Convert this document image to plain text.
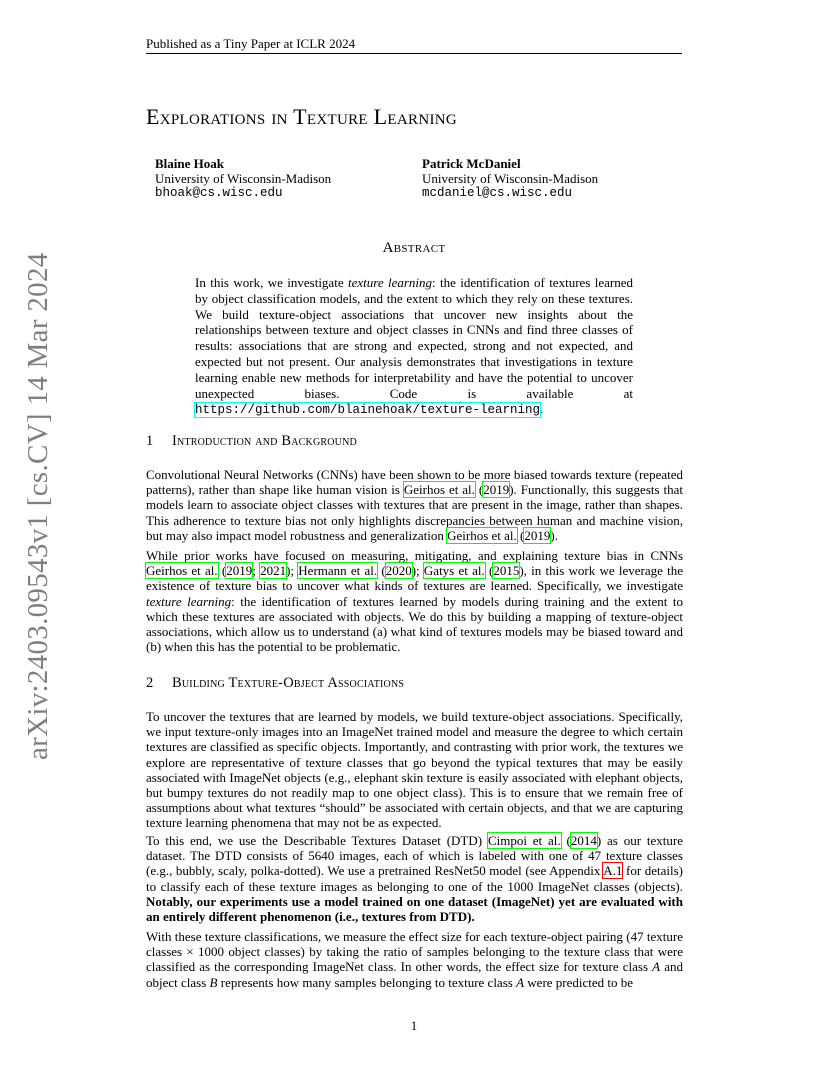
Published as a Tiny Paper at ICLR 2024
arXiv:2403.09543v1 [cs.CV] 14 Mar 2024
Explorations in Texture Learning
Blaine Hoak
University of Wisconsin-Madison
bhoak@cs.wisc.edu
Patrick McDaniel
University of Wisconsin-Madison
mcdaniel@cs.wisc.edu
Abstract
In this work, we investigate texture learning: the identification of textures learned by object classification models, and the extent to which they rely on these textures. We build texture-object associations that uncover new insights about the relationships between texture and object classes in CNNs and find three classes of results: associations that are strong and expected, strong and not expected, and expected but not present. Our analysis demonstrates that investigations in texture learning enable new methods for interpretability and have the potential to uncover unexpected biases. Code is available at https://github.com/blainehoak/texture-learning.
1 Introduction and Background

Convolutional Neural Networks (CNNs) have been shown to be more biased towards texture (repeated patterns), rather than shape like human vision is Geirhos et al. (2019). Functionally, this suggests that models learn to associate object classes with textures that are present in the image, rather than shapes. This adherence to texture bias not only highlights discrepancies between human and machine vision, but may also impact model robustness and generalization Geirhos et al. (2019).

While prior works have focused on measuring, mitigating, and explaining texture bias in CNNs Geirhos et al. (2019; 2021); Hermann et al. (2020); Gatys et al. (2015), in this work we leverage the existence of texture bias to uncover what kinds of textures are learned. Specifically, we investigate texture learning: the identification of textures learned by models during training and the extent to which these textures are associated with objects. We do this by building a mapping of texture-object associations, which allow us to understand (a) what kind of textures models may be biased toward and (b) when this has the potential to be problematic.

2 Building Texture-Object Associations

To uncover the textures that are learned by models, we build texture-object associations. Specifically, we input texture-only images into an ImageNet trained model and measure the degree to which certain textures are classified as specific objects. Importantly, and contrasting with prior work, the textures we explore are representative of texture classes that go beyond the typical textures that may be easily associated with ImageNet objects (e.g., elephant skin texture is easily associated with elephant objects, but bumpy textures do not readily map to one object class). This is to ensure that we remain free of assumptions about what textures “should” be associated with certain objects, and that we are capturing texture learning phenomena that may not be as expected.

To this end, we use the Describable Textures Dataset (DTD) Cimpoi et al. (2014) as our texture dataset. The DTD consists of 5640 images, each of which is labeled with one of 47 texture classes (e.g., bubbly, scaly, polka-dotted). We use a pretrained ResNet50 model (see Appendix A.1 for details) to classify each of these texture images as belonging to one of the 1000 ImageNet classes (objects). Notably, our experiments use a model trained on one dataset (ImageNet) yet are evaluated with an entirely different phenomenon (i.e., textures from DTD).

With these texture classifications, we measure the effect size for each texture-object pairing (47 texture classes × 1000 object classes) by taking the ratio of samples belonging to the texture class that were classified as the corresponding ImageNet class. In other words, the effect size for texture class A and object class B represents how many samples belonging to texture class A were predicted to be

1
